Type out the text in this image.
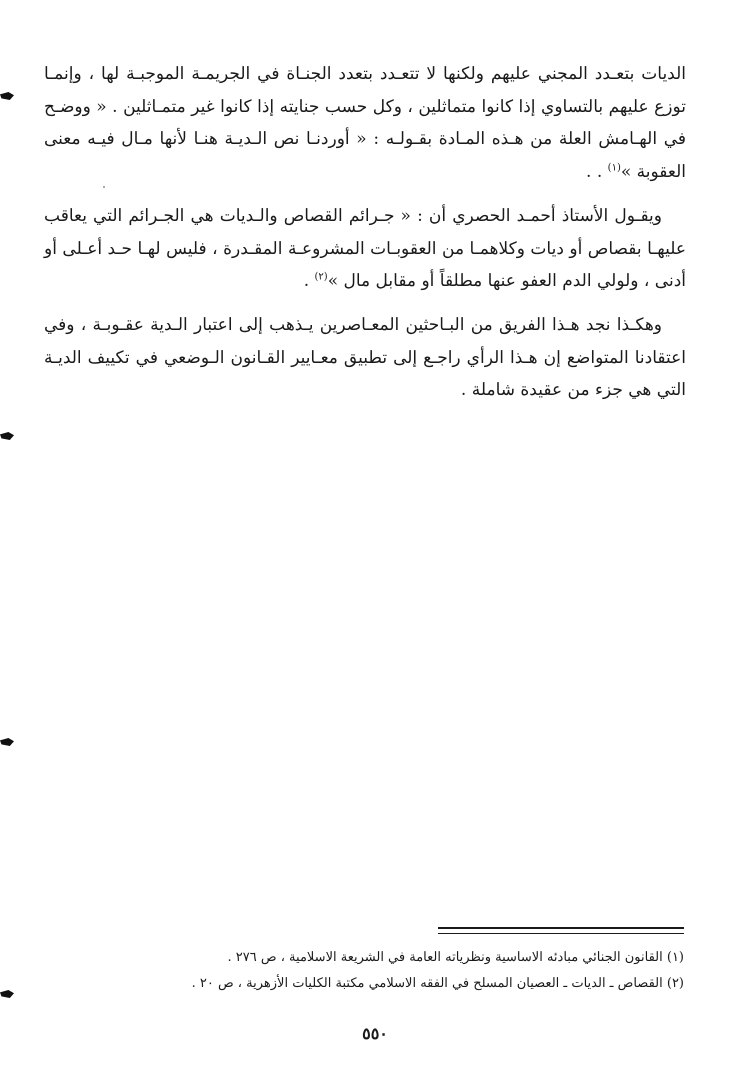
الديات بتعـدد المجني عليهم ولكنها لا تتعـدد بتعدد الجنـاة في الجريمـة الموجبـة لها ، وإنمـا توزع عليهم بالتساوي إذا كانوا متماثلين ، وكل حسب جنايته إذا كانوا غير متمـاثلين . « ووضـح في الهـامش العلة من هـذه المـادة بقـولـه : « أوردنـا نص الـديـة هنـا لأنها مـال فيـه معنى العقوبة »$^{(١)}$ . .

ويقـول الأستاذ أحمـد الحصري أن : « جـرائم القصاص والـديات هي الجـرائم التي يعاقب عليهـا بقصاص أو ديات وكلاهمـا من العقوبـات المشروعـة المقـدرة ، فليس لهـا حـد أعـلى أو أدنى ، ولولي الدم العفو عنها مطلقاً أو مقابل مال »$^{(٢)}$ .

وهكـذا نجد هـذا الفريق من البـاحثين المعـاصرين يـذهب إلى اعتبار الـدية عقـوبـة ، وفي اعتقادنا المتواضع إن هـذا الرأي راجـع إلى تطبيق معـايير القـانون الـوضعي في تكييف الديـة التي هي جزء من عقيدة شاملة .

(١) القانون الجنائي مبادئه الاساسية ونظرياته العامة في الشريعة الاسلامية ، ص ٢٧٦ .
(٢) القصاص ـ الديات ـ العصيان المسلح في الفقه الاسلامي مكتبة الكليات الأزهرية ، ص ٢٠ .
٥٥٠
